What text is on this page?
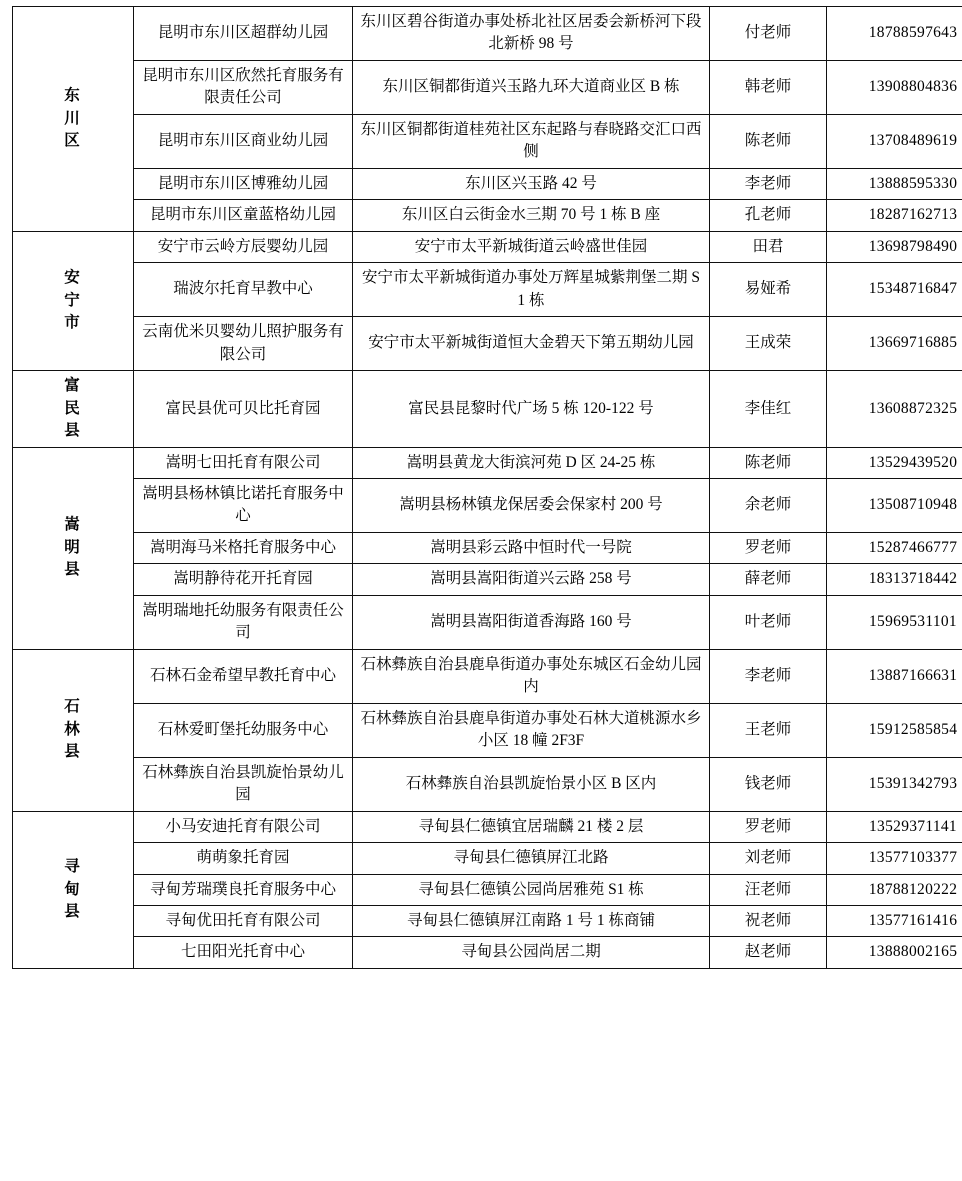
东川区	昆明市东川区超群幼儿园	东川区碧谷街道办事处桥北社区居委会新桥河下段北新桥 98 号	付老师	18788597643
	昆明市东川区欣然托育服务有限责任公司	东川区铜都街道兴玉路九环大道商业区 B 栋	韩老师	13908804836
	昆明市东川区商业幼儿园	东川区铜都街道桂苑社区东起路与春晓路交汇口西侧	陈老师	13708489619
	昆明市东川区博雅幼儿园	东川区兴玉路 42 号	李老师	13888595330
	昆明市东川区童蓝格幼儿园	东川区白云街金水三期 70 号 1 栋 B 座	孔老师	18287162713
安宁市	安宁市云岭方辰婴幼儿园	安宁市太平新城街道云岭盛世佳园	田君	13698798490
	瑞波尔托育早教中心	安宁市太平新城街道办事处万辉星城紫荆堡二期 S1 栋	易娅希	15348716847
	云南优米贝婴幼儿照护服务有限公司	安宁市太平新城街道恒大金碧天下第五期幼儿园	王成荣	13669716885
富民县	富民县优可贝比托育园	富民县昆黎时代广场 5 栋 120-122 号	李佳红	13608872325
嵩明县	嵩明七田托育有限公司	嵩明县黄龙大街滨河苑 D 区 24-25 栋	陈老师	13529439520
	嵩明县杨林镇比诺托育服务中心	嵩明县杨林镇龙保居委会保家村 200 号	余老师	13508710948
	嵩明海马米格托育服务中心	嵩明县彩云路中恒时代一号院	罗老师	15287466777
	嵩明静待花开托育园	嵩明县嵩阳街道兴云路 258 号	薛老师	18313718442
	嵩明瑞地托幼服务有限责任公司	嵩明县嵩阳街道香海路 160 号	叶老师	15969531101
石林县	石林石金希望早教托育中心	石林彝族自治县鹿阜街道办事处东城区石金幼儿园内	李老师	13887166631
	石林爱町堡托幼服务中心	石林彝族自治县鹿阜街道办事处石林大道桃源水乡小区 18 幢 2F3F	王老师	15912585854
	石林彝族自治县凯旋怡景幼儿园	石林彝族自治县凯旋怡景小区 B 区内	钱老师	15391342793
寻甸县	小马安迪托育有限公司	寻甸县仁德镇宜居瑞麟 21 楼 2 层	罗老师	13529371141
	萌萌象托育园	寻甸县仁德镇屏江北路	刘老师	13577103377
	寻甸芳瑞璞良托育服务中心	寻甸县仁德镇公园尚居雅苑 S1 栋	汪老师	18788120222
	寻甸优田托育有限公司	寻甸县仁德镇屏江南路 1 号 1 栋商铺	祝老师	13577161416
	七田阳光托育中心	寻甸县公园尚居二期	赵老师	13888002165
